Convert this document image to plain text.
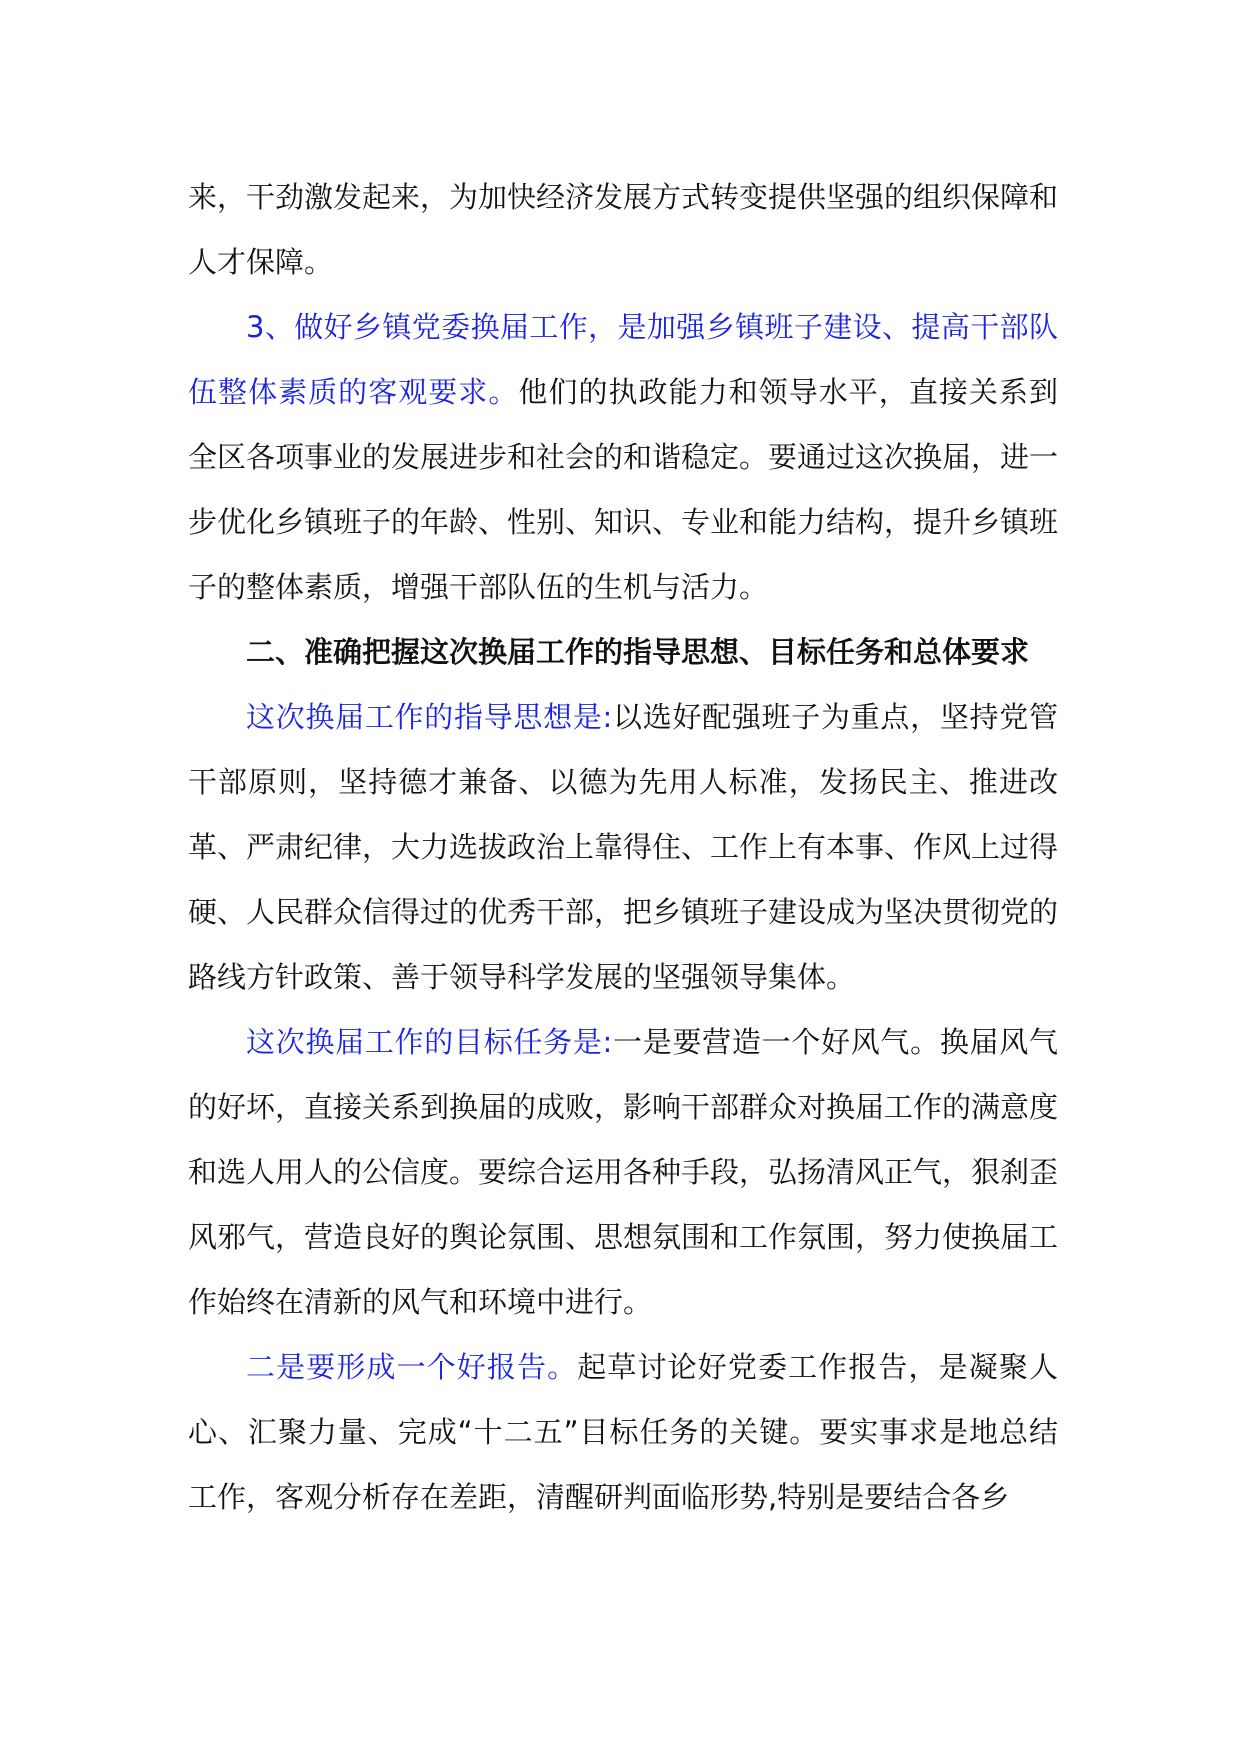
来，干劲激发起来，为加快经济发展方式转变提供坚强的组织保障和人才保障。

3、做好乡镇党委换届工作，是加强乡镇班子建设、提高干部队伍整体素质的客观要求。他们的执政能力和领导水平，直接关系到全区各项事业的发展进步和社会的和谐稳定。要通过这次换届，进一步优化乡镇班子的年龄、性别、知识、专业和能力结构，提升乡镇班子的整体素质，增强干部队伍的生机与活力。

二、准确把握这次换届工作的指导思想、目标任务和总体要求

这次换届工作的指导思想是:以选好配强班子为重点，坚持党管干部原则，坚持德才兼备、以德为先用人标准，发扬民主、推进改革、严肃纪律，大力选拔政治上靠得住、工作上有本事、作风上过得硬、人民群众信得过的优秀干部，把乡镇班子建设成为坚决贯彻党的路线方针政策、善于领导科学发展的坚强领导集体。

这次换届工作的目标任务是:一是要营造一个好风气。换届风气的好坏，直接关系到换届的成败，影响干部群众对换届工作的满意度和选人用人的公信度。要综合运用各种手段，弘扬清风正气，狠刹歪风邪气，营造良好的舆论氛围、思想氛围和工作氛围，努力使换届工作始终在清新的风气和环境中进行。

二是要形成一个好报告。起草讨论好党委工作报告，是凝聚人心、汇聚力量、完成“十二五”目标任务的关键。要实事求是地总结工作，客观分析存在差距，清醒研判面临形势,特别是要结合各乡
